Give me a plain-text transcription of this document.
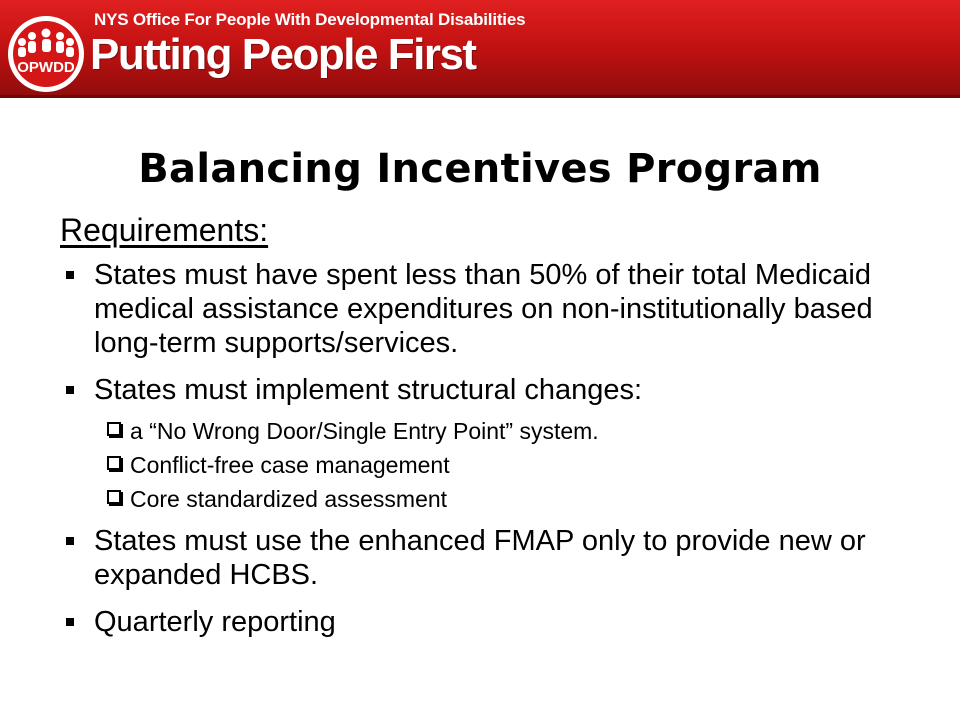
OPWDD
NYS Office For People With Developmental Disabilities
Putting People First
Balancing Incentives Program
Requirements:
States must have spent less than 50% of their total Medicaid medical assistance expenditures on non-institutionally based long-term supports/services.
States must implement structural changes:
a “No Wrong Door/Single Entry Point” system.
Conflict-free case management
Core standardized assessment
States must use the enhanced FMAP only to provide new or expanded HCBS.
Quarterly reporting
